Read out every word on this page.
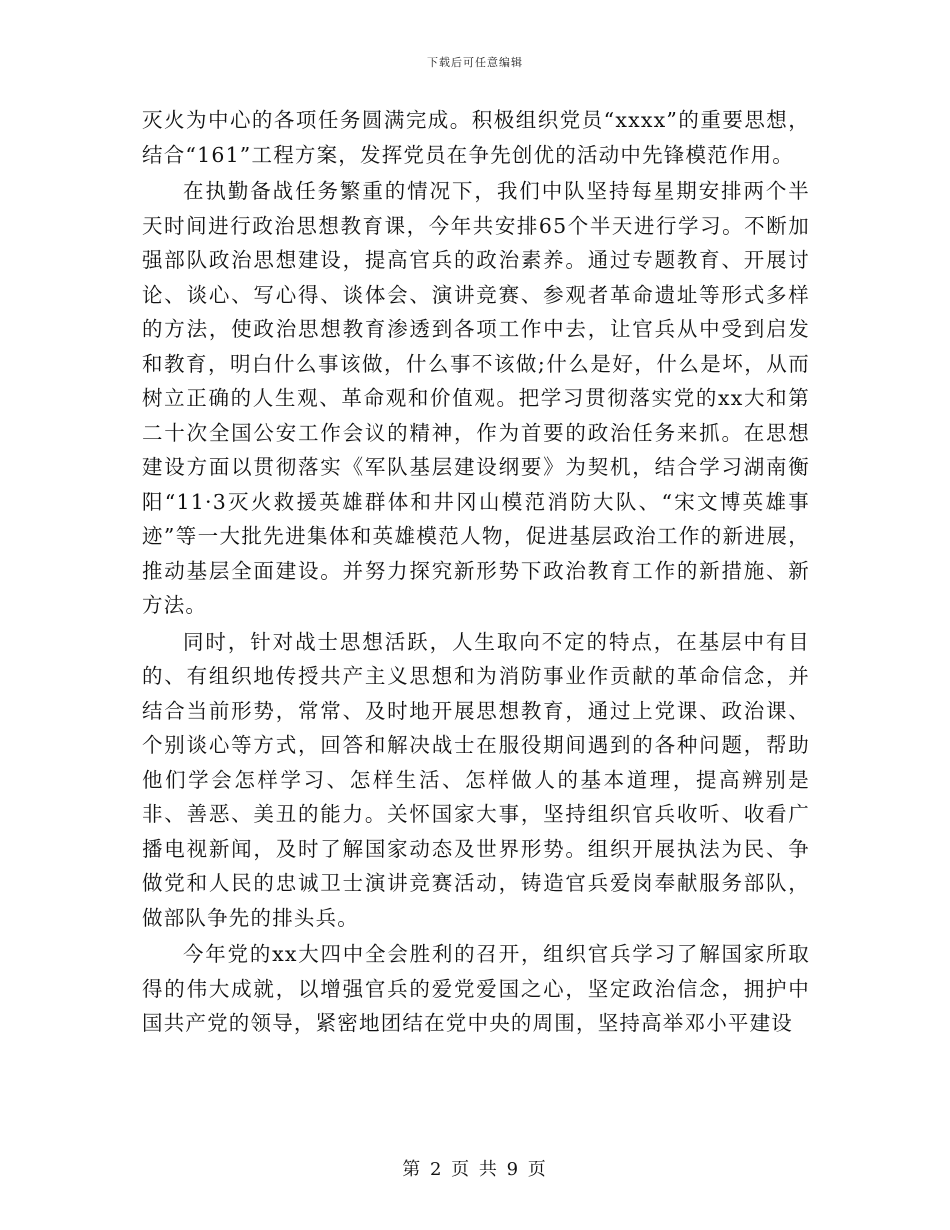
下载后可任意编辑

灭火为中心的各项任务圆满完成。积极组织党员“xxxx”的重要思想，结合“161”工程方案，发挥党员在争先创优的活动中先锋模范作用。

在执勤备战任务繁重的情况下，我们中队坚持每星期安排两个半天时间进行政治思想教育课，今年共安排65个半天进行学习。不断加强部队政治思想建设，提高官兵的政治素养。通过专题教育、开展讨论、谈心、写心得、谈体会、演讲竞赛、参观者革命遗址等形式多样的方法，使政治思想教育渗透到各项工作中去，让官兵从中受到启发和教育，明白什么事该做，什么事不该做;什么是好，什么是坏，从而树立正确的人生观、革命观和价值观。把学习贯彻落实党的xx大和第二十次全国公安工作会议的精神，作为首要的政治任务来抓。在思想建设方面以贯彻落实《军队基层建设纲要》为契机，结合学习湖南衡阳“11·3灭火救援英雄群体和井冈山模范消防大队、“宋文博英雄事迹”等一大批先进集体和英雄模范人物，促进基层政治工作的新进展，推动基层全面建设。并努力探究新形势下政治教育工作的新措施、新方法。

同时，针对战士思想活跃，人生取向不定的特点，在基层中有目的、有组织地传授共产主义思想和为消防事业作贡献的革命信念，并结合当前形势，常常、及时地开展思想教育，通过上党课、政治课、个别谈心等方式，回答和解决战士在服役期间遇到的各种问题，帮助他们学会怎样学习、怎样生活、怎样做人的基本道理，提高辨别是非、善恶、美丑的能力。关怀国家大事，坚持组织官兵收听、收看广播电视新闻，及时了解国家动态及世界形势。组织开展执法为民、争做党和人民的忠诚卫士演讲竞赛活动，铸造官兵爱岗奉献服务部队，做部队争先的排头兵。

今年党的xx大四中全会胜利的召开，组织官兵学习了解国家所取得的伟大成就，以增强官兵的爱党爱国之心，坚定政治信念，拥护中国共产党的领导，紧密地团结在党中央的周围，坚持高举邓小平建设

第 2 页 共 9 页
